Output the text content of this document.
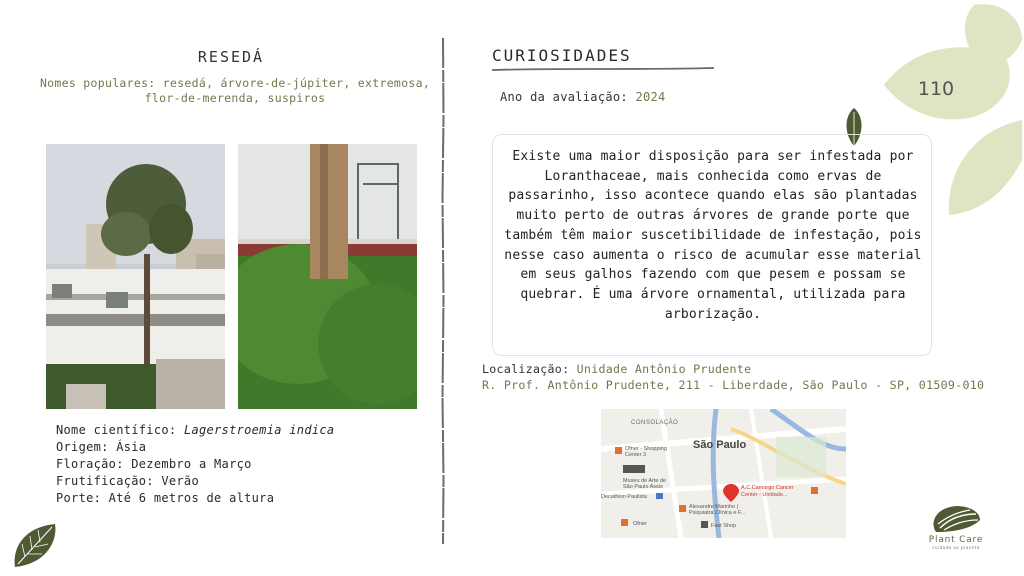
110
RESEDÁ
Nomes populares: resedá, árvore-de-júpiter, extremosa, flor-de-merenda, suspiros
Nome científico: Lagerstroemia indica
Origem: Ásia
Floração: Dezembro a Março
Frutificação: Verão
Porte: Até 6 metros de altura
CURIOSIDADES
Ano da avaliação: 2024
Existe uma maior disposição para ser infestada por Loranthaceae, mais conhecida como ervas de passarinho, isso acontece quando elas são plantadas muito perto de outras árvores de grande porte que também têm maior suscetibilidade de infestação, pois nesse caso aumenta o risco de acumular esse material em seus galhos fazendo com que pesem e possam se quebrar. É uma árvore ornamental, utilizada para arborização.
Localização: Unidade Antônio Prudente
R. Prof. Antônio Prudente, 211 - Liberdade, São Paulo - SP, 01509-010
CONSOLAÇÃO
São Paulo
Ofner - Shopping
Center 3
Museu de Arte de
São Paulo Assis
Decathlon Paulista
A.C.Camargo Cancer
Center - Unidade...
Alexandre Marinho |
Psiquiatra Clínica e F...
Fast Shop
Ofner
Plant Care
cuidado ao planeta
